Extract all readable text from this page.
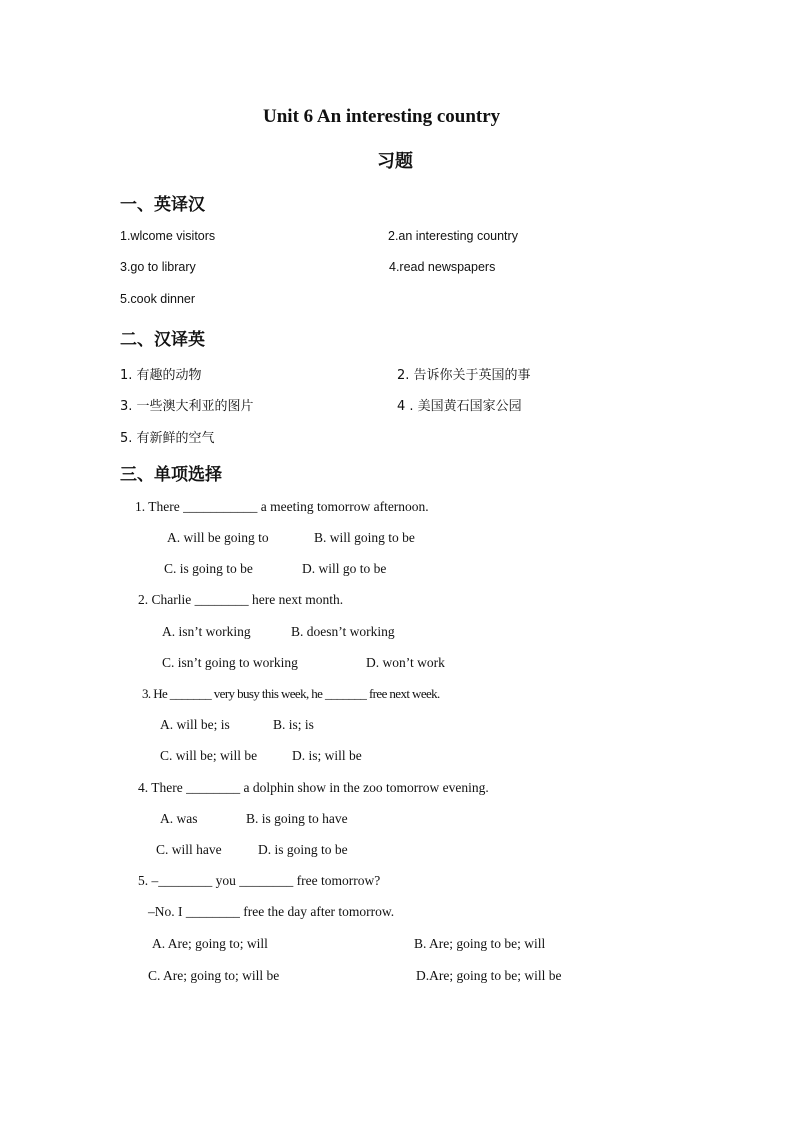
Unit 6 An interesting country
习题
一、英译汉
1.wlcome visitors	2.an interesting country
3.go to library	4.read newspapers
5.cook dinner
二、汉译英
1. 有趣的动物	2. 告诉你关于英国的事
3. 一些澳大利亚的图片	4 . 美国黄石国家公园
5. 有新鲜的空气
三、单项选择
1. There ___________ a meeting tomorrow afternoon.
A. will be going to	B. will going to be
C. is going to be	D. will go to be
2. Charlie ________ here next month.
A. isn’t working	B. doesn’t working
C. isn’t going to working	D. won’t work
3. He _______ very busy this week, he _______ free next week.
A. will be; is	B. is; is
C. will be; will be	D. is; will be
4. There ________ a dolphin show in the zoo tomorrow evening.
A. was	B. is going to have
C. will have	D. is going to be
5. –________ you ________ free tomorrow?
–No. I ________ free the day after tomorrow.
A. Are; going to; will	B. Are; going to be; will
C. Are; going to; will be	D.Are; going to be; will be
